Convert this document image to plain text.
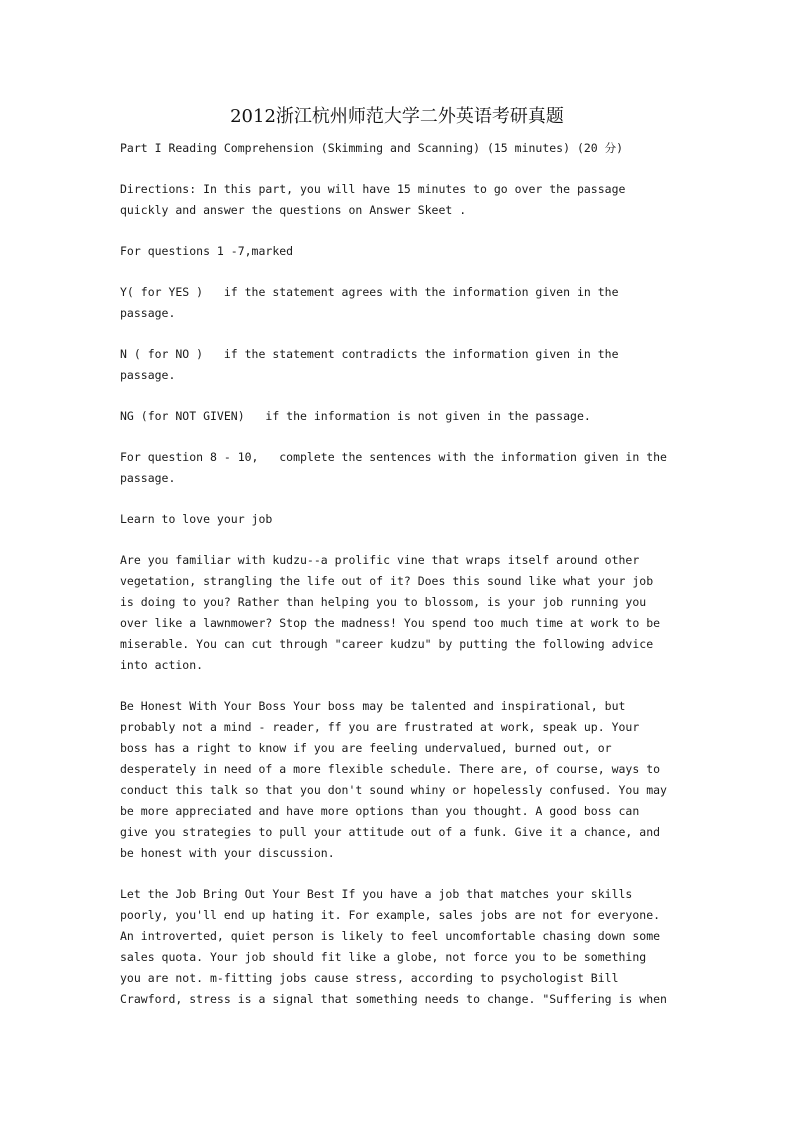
2012浙江杭州师范大学二外英语考研真题

Part I Reading Comprehension (Skimming and Scanning) (15 minutes) (20 分)

Directions: In this part, you will have 15 minutes to go over the passage

quickly and answer the questions on Answer Skeet .

For questions 1 -7,marked

Y( for YES )   if the statement agrees with the information given in the

passage.

N ( for NO )   if the statement contradicts the information given in the

passage.

NG (for NOT GIVEN)   if the information is not given in the passage.

For question 8 - 10,   complete the sentences with the information given in the

passage.

Learn to love your job

Are you familiar with kudzu--a prolific vine that wraps itself around other

vegetation, strangling the life out of it? Does this sound like what your job

is doing to you? Rather than helping you to blossom, is your job running you

over like a lawnmower? Stop the madness! You spend too much time at work to be

miserable. You can cut through "career kudzu" by putting the following advice

into action.

Be Honest With Your Boss Your boss may be talented and inspirational, but

probably not a mind - reader, ff you are frustrated at work, speak up. Your

boss has a right to know if you are feeling undervalued, burned out, or

desperately in need of a more flexible schedule. There are, of course, ways to

conduct this talk so that you don't sound whiny or hopelessly confused. You may

be more appreciated and have more options than you thought. A good boss can

give you strategies to pull your attitude out of a funk. Give it a chance, and

be honest with your discussion.

Let the Job Bring Out Your Best If you have a job that matches your skills

poorly, you'll end up hating it. For example, sales jobs are not for everyone.

An introverted, quiet person is likely to feel uncomfortable chasing down some

sales quota. Your job should fit like a globe, not force you to be something

you are not. m-fitting jobs cause stress, according to psychologist Bill

Crawford, stress is a signal that something needs to change. "Suffering is when
